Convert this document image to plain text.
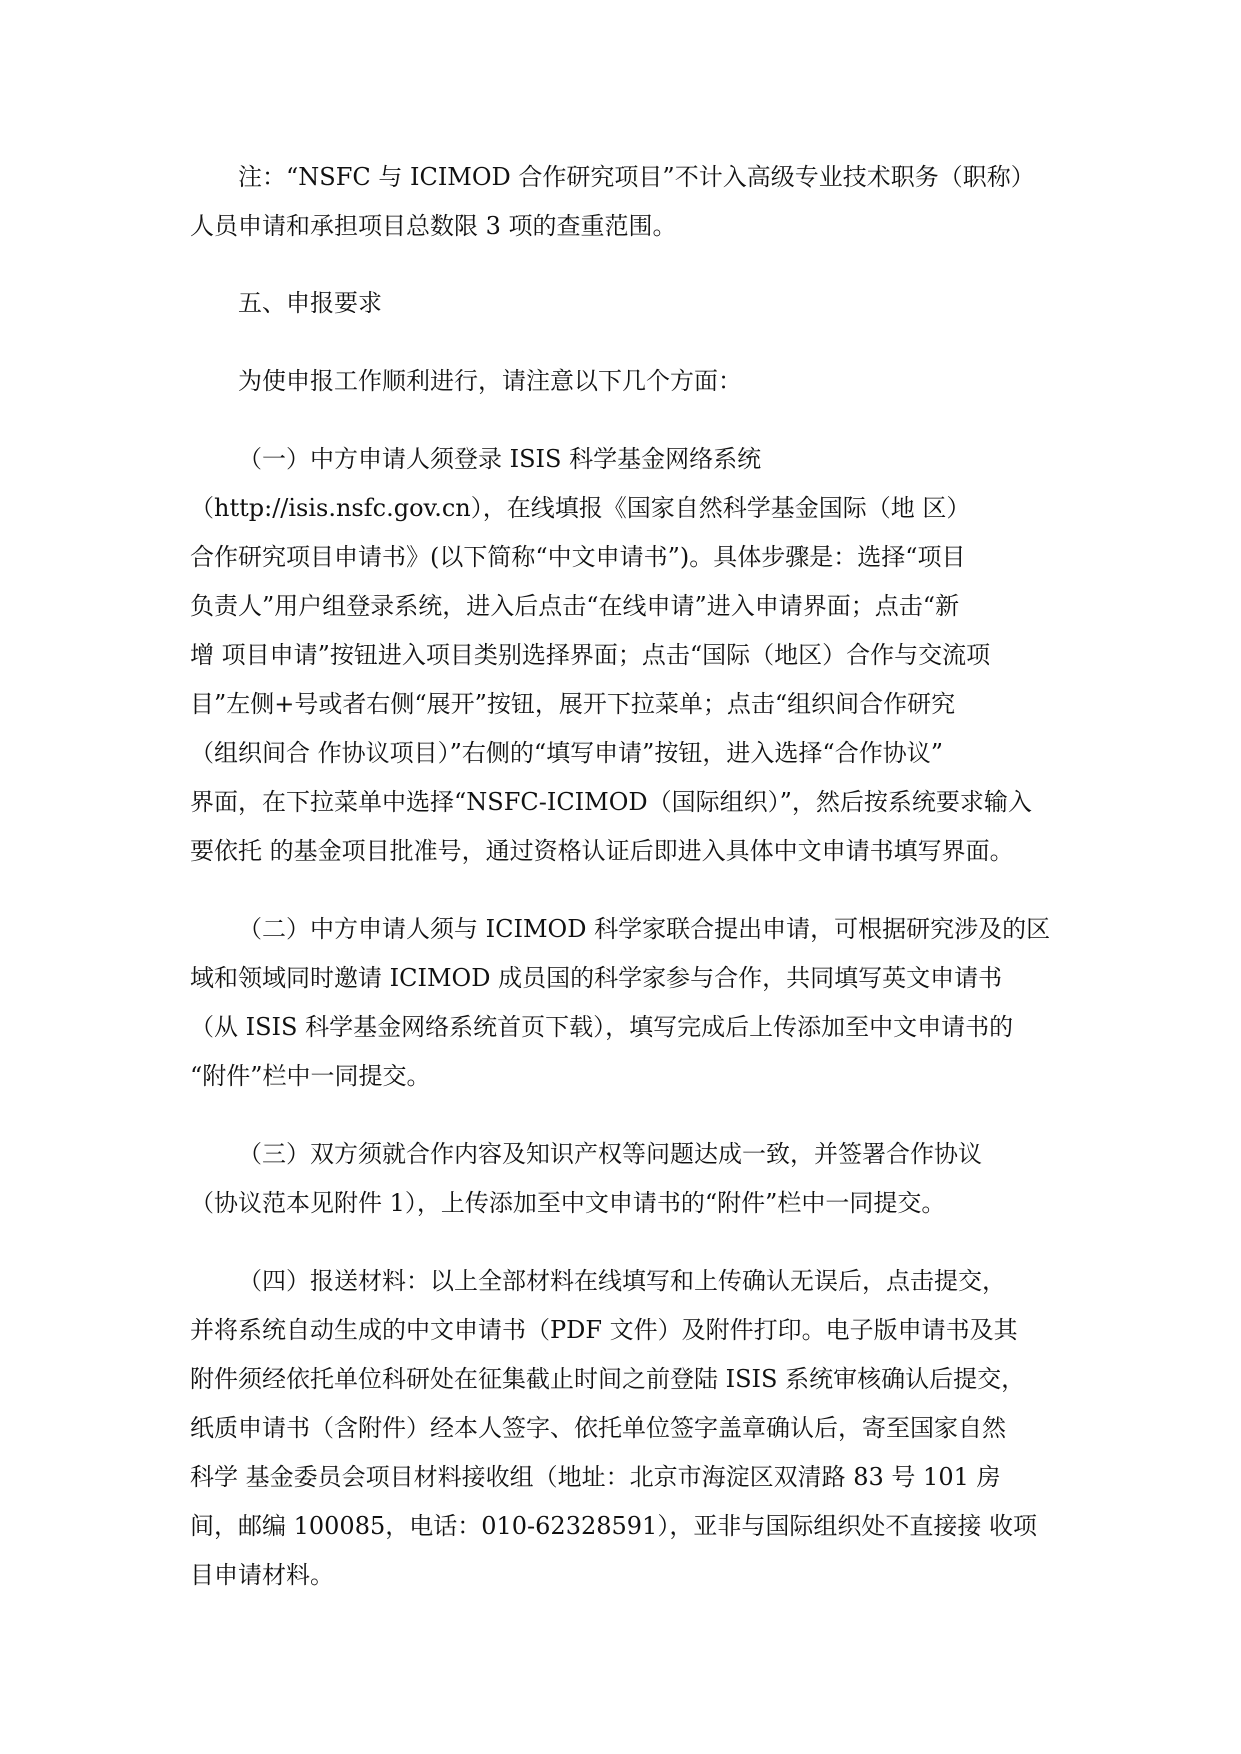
注：“NSFC 与 ICIMOD 合作研究项目”不计入高级专业技术职务（职称）
人员申请和承担项目总数限 3 项的查重范围。
五、申报要求
为使申报工作顺利进行，请注意以下几个方面：
（一）中方申请人须登录 ISIS 科学基金网络系统
（http://isis.nsfc.gov.cn），在线填报《国家自然科学基金国际（地 区）
合作研究项目申请书》(以下简称“中文申请书”)。具体步骤是：选择“项目
负责人”用户组登录系统，进入后点击“在线申请”进入申请界面；点击“新
增 项目申请”按钮进入项目类别选择界面；点击“国际（地区）合作与交流项
目”左侧+号或者右侧“展开”按钮，展开下拉菜单；点击“组织间合作研究
（组织间合 作协议项目）”右侧的“填写申请”按钮，进入选择“合作协议”
界面，在下拉菜单中选择“NSFC-ICIMOD（国际组织）”，然后按系统要求输入
要依托 的基金项目批准号，通过资格认证后即进入具体中文申请书填写界面。
（二）中方申请人须与 ICIMOD 科学家联合提出申请，可根据研究涉及的区
域和领域同时邀请 ICIMOD 成员国的科学家参与合作，共同填写英文申请书
（从 ISIS 科学基金网络系统首页下载），填写完成后上传添加至中文申请书的
“附件”栏中一同提交。
（三）双方须就合作内容及知识产权等问题达成一致，并签署合作协议
（协议范本见附件 1），上传添加至中文申请书的“附件”栏中一同提交。
（四）报送材料：以上全部材料在线填写和上传确认无误后，点击提交，
并将系统自动生成的中文申请书（PDF 文件）及附件打印。电子版申请书及其
附件须经依托单位科研处在征集截止时间之前登陆 ISIS 系统审核确认后提交，
纸质申请书（含附件）经本人签字、依托单位签字盖章确认后，寄至国家自然
科学 基金委员会项目材料接收组（地址：北京市海淀区双清路 83 号 101 房
间，邮编 100085，电话：010-62328591），亚非与国际组织处不直接接 收项
目申请材料。
